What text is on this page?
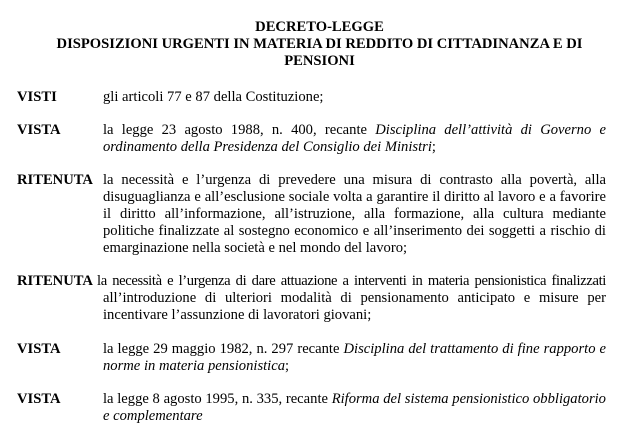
DECRETO-LEGGE
DISPOSIZIONI URGENTI IN MATERIA DI REDDITO DI CITTADINANZA E DI
PENSIONI
VISTI	gli articoli 77 e 87 della Costituzione;
VISTA	la legge 23 agosto 1988, n. 400, recante Disciplina dell’attività di Governo e
ordinamento della Presidenza del Consiglio dei Ministri;
RITENUTA la necessità e l’urgenza di prevedere una misura di contrasto alla povertà, alla
disuguaglianza e all’esclusione sociale volta a garantire il diritto al lavoro e a favorire
il diritto all’informazione, all’istruzione, alla formazione, alla cultura mediante
politiche finalizzate al sostegno economico e all’inserimento dei soggetti a rischio di
emarginazione nella società e nel mondo del lavoro;
RITENUTA la necessità e l’urgenza di dare attuazione a interventi in materia pensionistica finalizzati
all’introduzione di ulteriori modalità di pensionamento anticipato e misure per
incentivare l’assunzione di lavoratori giovani;
VISTA	la legge 29 maggio 1982, n. 297 recante Disciplina del trattamento di fine rapporto e
norme in materia pensionistica;
VISTA	la legge 8 agosto 1995, n. 335, recante Riforma del sistema pensionistico obbligatorio
e complementare
